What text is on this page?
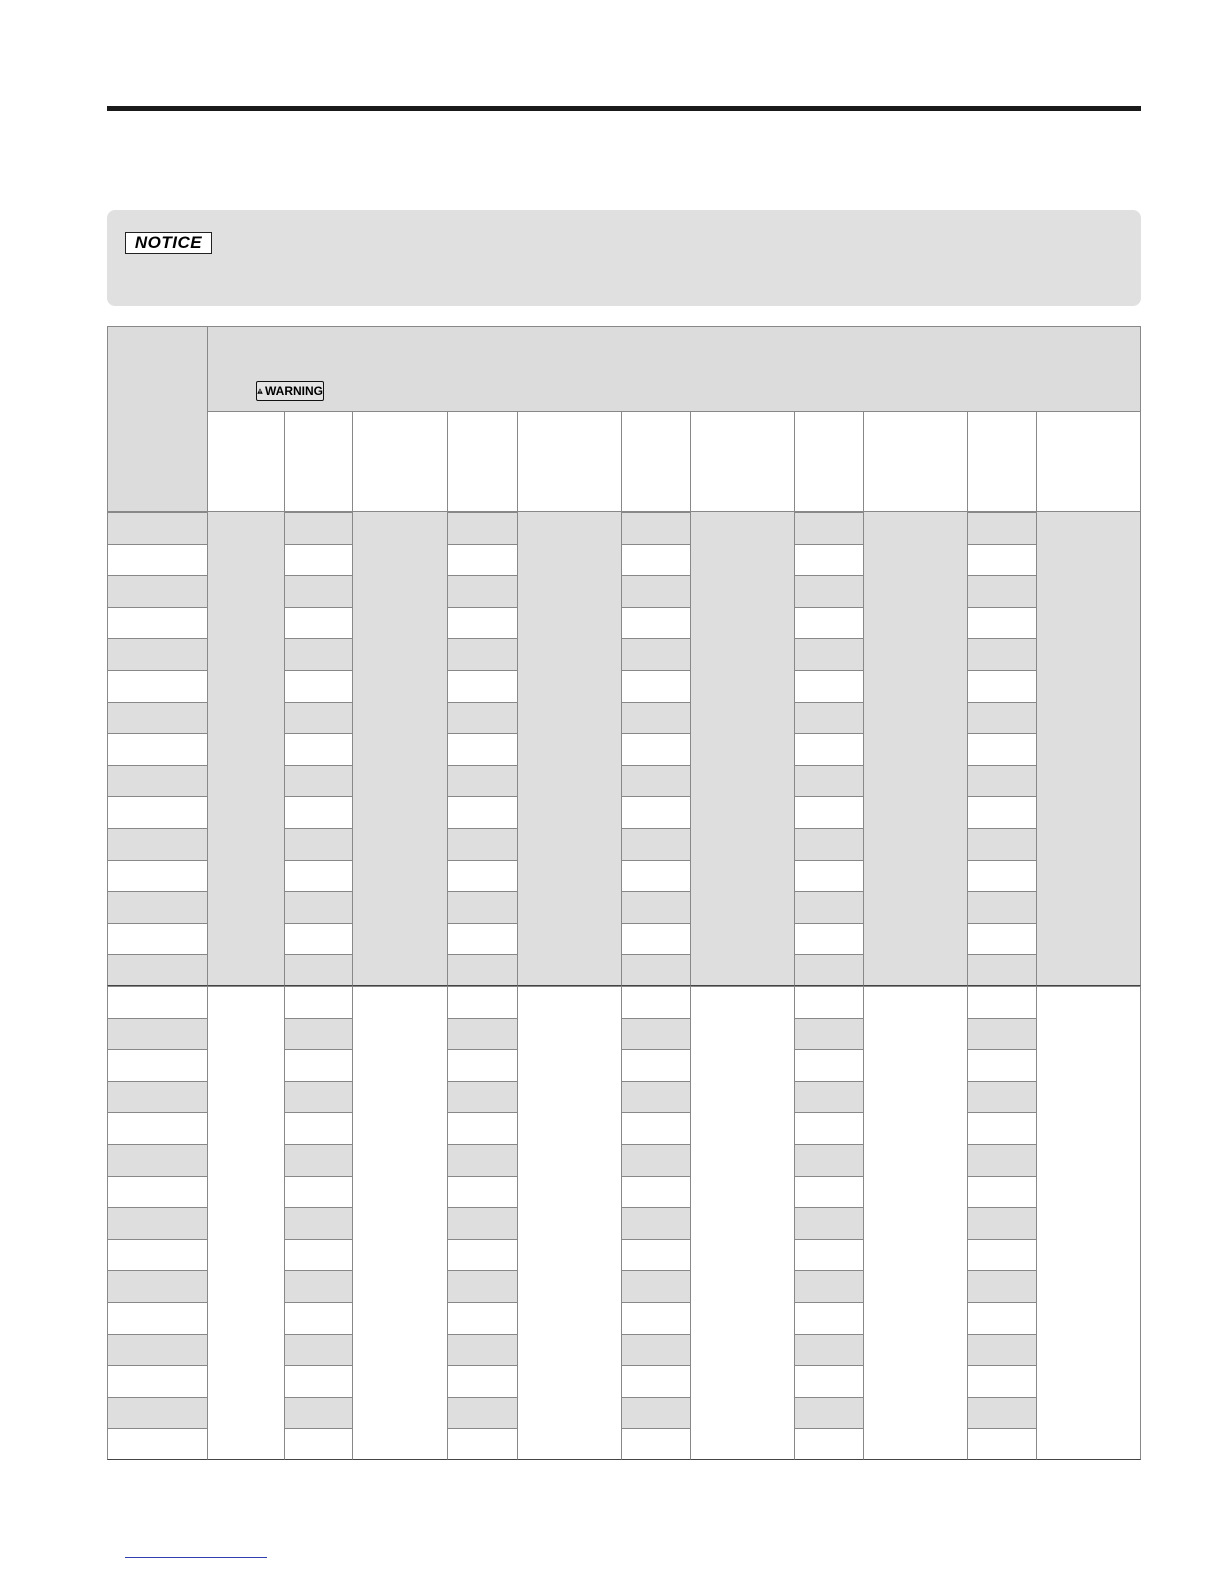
NOTICE
WARNING
